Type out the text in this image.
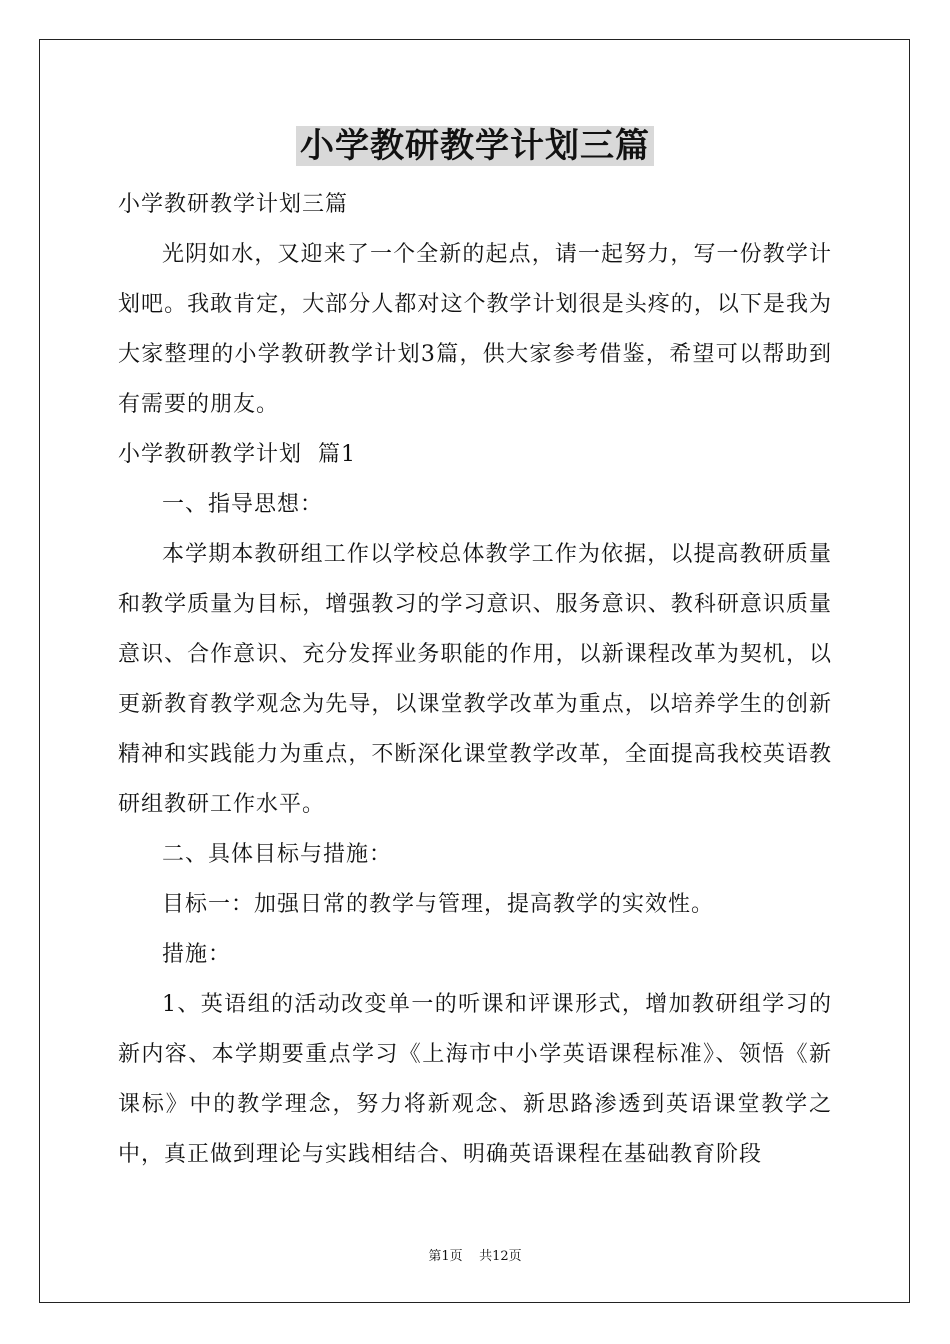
小学教研教学计划三篇

小学教研教学计划三篇

光阴如水，又迎来了一个全新的起点，请一起努力，写一份教学计划吧。我敢肯定，大部分人都对这个教学计划很是头疼的，以下是我为大家整理的小学教研教学计划3篇，供大家参考借鉴，希望可以帮助到有需要的朋友。

小学教研教学计划  篇1

一、指导思想：

本学期本教研组工作以学校总体教学工作为依据，以提高教研质量和教学质量为目标，增强教习的学习意识、服务意识、教科研意识质量意识、合作意识、充分发挥业务职能的作用，以新课程改革为契机，以更新教育教学观念为先导，以课堂教学改革为重点，以培养学生的创新精神和实践能力为重点，不断深化课堂教学改革，全面提高我校英语教研组教研工作水平。

二、具体目标与措施：

目标一：加强日常的教学与管理，提高教学的实效性。

措施：

1、英语组的活动改变单一的听课和评课形式，增加教研组学习的新内容、本学期要重点学习《上海市中小学英语课程标准》、领悟《新课标》中的教学理念，努力将新观念、新思路渗透到英语课堂教学之中，真正做到理论与实践相结合、明确英语课程在基础教育阶段

第1页    共12页
